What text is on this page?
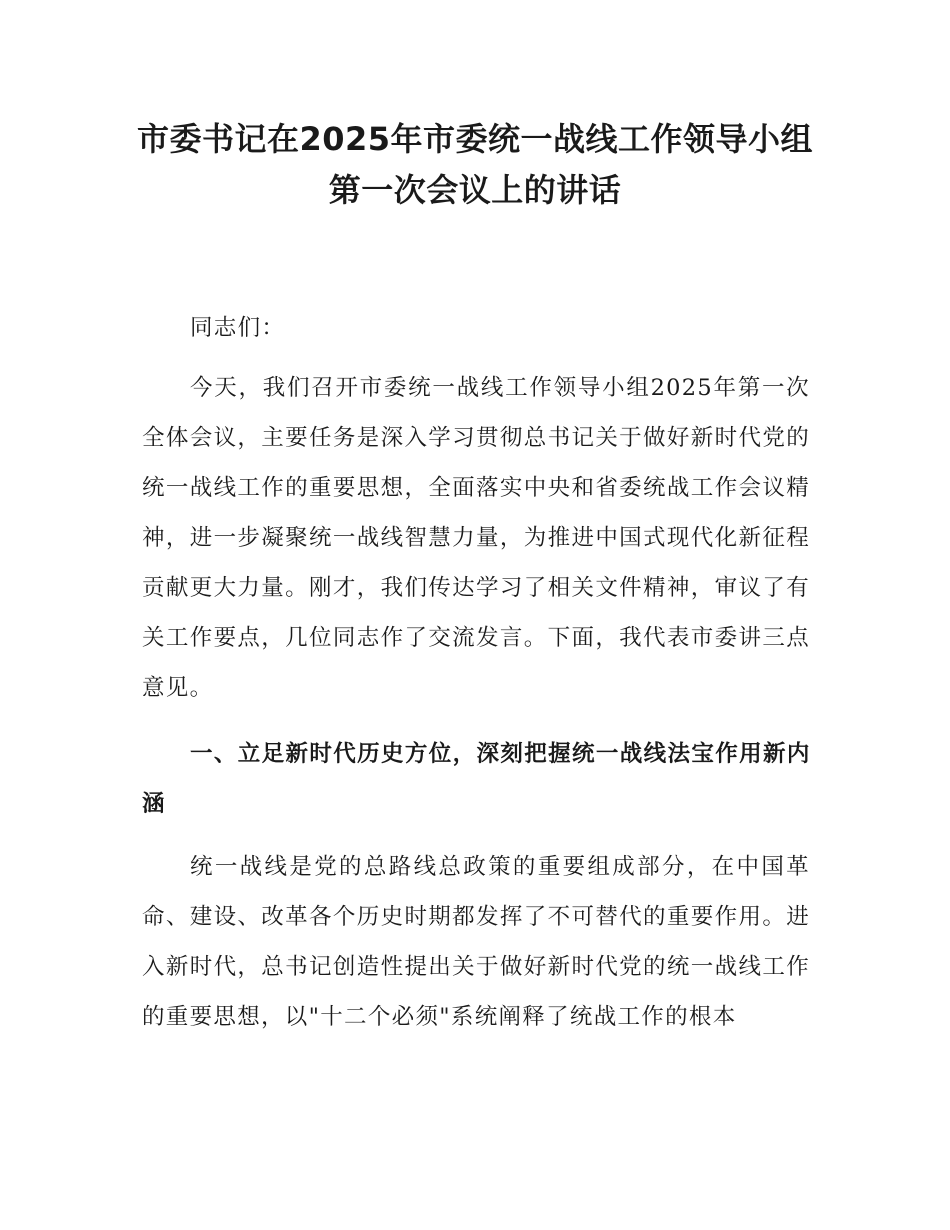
市委书记在2025年市委统一战线工作领导小组第一次会议上的讲话

同志们：

今天，我们召开市委统一战线工作领导小组2025年第一次全体会议，主要任务是深入学习贯彻总书记关于做好新时代党的统一战线工作的重要思想，全面落实中央和省委统战工作会议精神，进一步凝聚统一战线智慧力量，为推进中国式现代化新征程贡献更大力量。刚才，我们传达学习了相关文件精神，审议了有关工作要点，几位同志作了交流发言。下面，我代表市委讲三点意见。

一、立足新时代历史方位，深刻把握统一战线法宝作用新内涵

统一战线是党的总路线总政策的重要组成部分，在中国革命、建设、改革各个历史时期都发挥了不可替代的重要作用。进入新时代，总书记创造性提出关于做好新时代党的统一战线工作的重要思想，以"十二个必须"系统阐释了统战工作的根本
